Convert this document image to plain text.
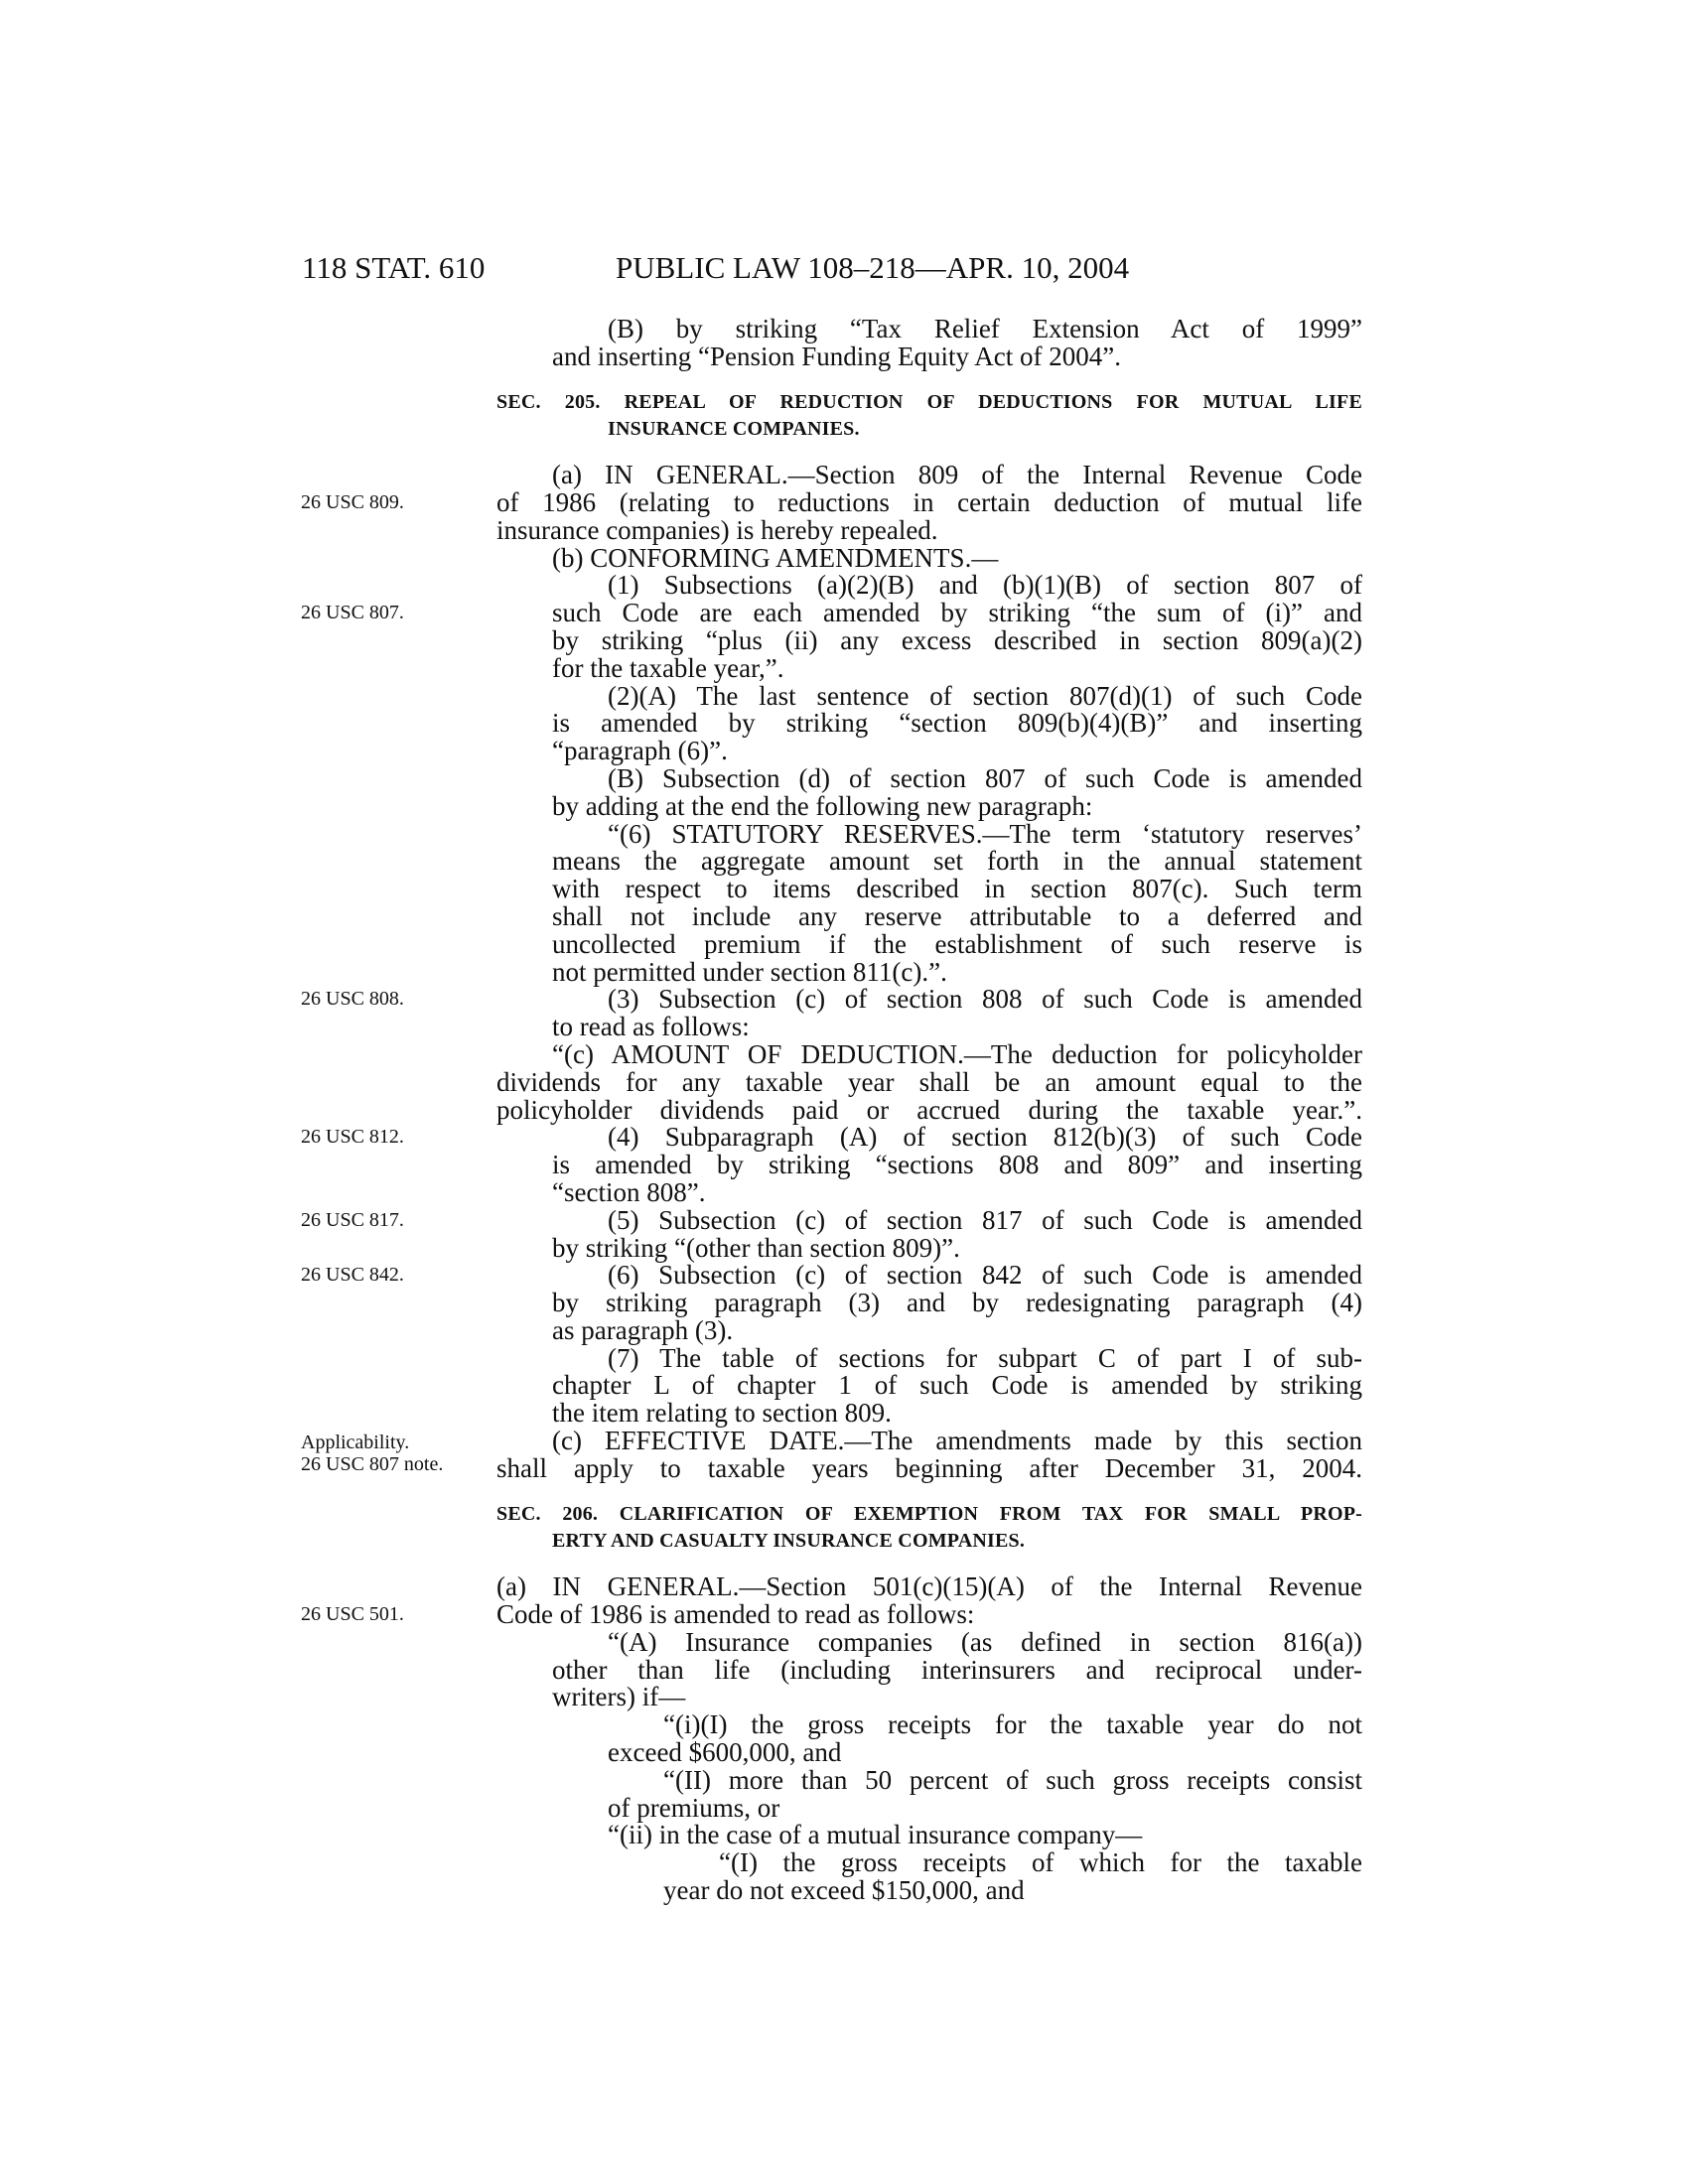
118 STAT. 610	PUBLIC LAW 108–218—APR. 10, 2004
(B) by striking “Tax Relief Extension Act of 1999”
and inserting “Pension Funding Equity Act of 2004”.
SEC. 205. REPEAL OF REDUCTION OF DEDUCTIONS FOR MUTUAL LIFE
INSURANCE COMPANIES.
(a) IN GENERAL.—Section 809 of the Internal Revenue Code
of 1986 (relating to reductions in certain deduction of mutual life
26 USC 809.
insurance companies) is hereby repealed.
(b) CONFORMING AMENDMENTS.—
(1) Subsections (a)(2)(B) and (b)(1)(B) of section 807 of
such Code are each amended by striking “the sum of (i)” and
26 USC 807.
by striking “plus (ii) any excess described in section 809(a)(2)
for the taxable year,”.
(2)(A) The last sentence of section 807(d)(1) of such Code
is amended by striking “section 809(b)(4)(B)” and inserting
“paragraph (6)”.
(B) Subsection (d) of section 807 of such Code is amended
by adding at the end the following new paragraph:
“(6) STATUTORY RESERVES.—The term ‘statutory reserves’
means the aggregate amount set forth in the annual statement
with respect to items described in section 807(c). Such term
shall not include any reserve attributable to a deferred and
uncollected premium if the establishment of such reserve is
not permitted under section 811(c).”.
(3) Subsection (c) of section 808 of such Code is amended
26 USC 808.
to read as follows:
“(c) AMOUNT OF DEDUCTION.—The deduction for policyholder
dividends for any taxable year shall be an amount equal to the
policyholder dividends paid or accrued during the taxable year.”.
(4) Subparagraph (A) of section 812(b)(3) of such Code
26 USC 812.
is amended by striking “sections 808 and 809” and inserting
“section 808”.
(5) Subsection (c) of section 817 of such Code is amended
26 USC 817.
by striking “(other than section 809)”.
(6) Subsection (c) of section 842 of such Code is amended
26 USC 842.
by striking paragraph (3) and by redesignating paragraph (4)
as paragraph (3).
(7) The table of sections for subpart C of part I of sub-
chapter L of chapter 1 of such Code is amended by striking
the item relating to section 809.
(c) EFFECTIVE DATE.—The amendments made by this section
Applicability.
26 USC 807 note. shall apply to taxable years beginning after December 31, 2004.
SEC. 206. CLARIFICATION OF EXEMPTION FROM TAX FOR SMALL PROP-
ERTY AND CASUALTY INSURANCE COMPANIES.
(a) IN GENERAL.—Section 501(c)(15)(A) of the Internal Revenue
Code of 1986 is amended to read as follows:
26 USC 501.
“(A) Insurance companies (as defined in section 816(a))
other than life (including interinsurers and reciprocal under-
writers) if—
“(i)(I) the gross receipts for the taxable year do not
exceed $600,000, and
“(II) more than 50 percent of such gross receipts consist
of premiums, or
“(ii) in the case of a mutual insurance company—
“(I) the gross receipts of which for the taxable
year do not exceed $150,000, and
